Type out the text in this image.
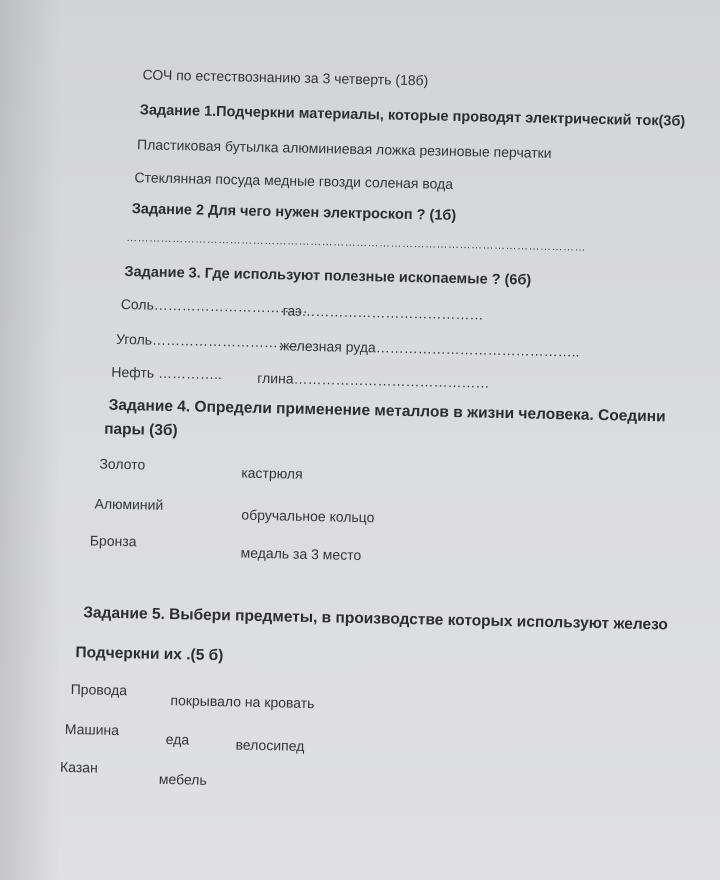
СОЧ по естествознанию за 3 четверть (18б)
Задание 1.Подчеркни материалы, которые проводят электрический ток(3б)
Пластиковая бутылка алюминиевая ложка резиновые перчатки
Стеклянная посуда медные гвозди соленая вода
Задание 2 Для чего нужен электроскоп ? (1б)
…………………………………………………………………………………………………………
Задание 3. Где используют полезные ископаемые ? (6б)
Соль……………………………
газ…………………………………
Уголь…………………………….
железная руда……………………………………..
Нефть …………..	глина……………………………………
Задание 4. Определи применение металлов в жизни человека. Соедини
пары (3б)
Золото
кастрюля
Алюминий
обручальное кольцо
Бронза
медаль за 3 место
Задание 5. Выбери предметы, в производстве которых используют железо
Подчеркни их .(5 б)
Провода
покрывало на кровать
Машина
еда	велосипед
Казан
мебель
